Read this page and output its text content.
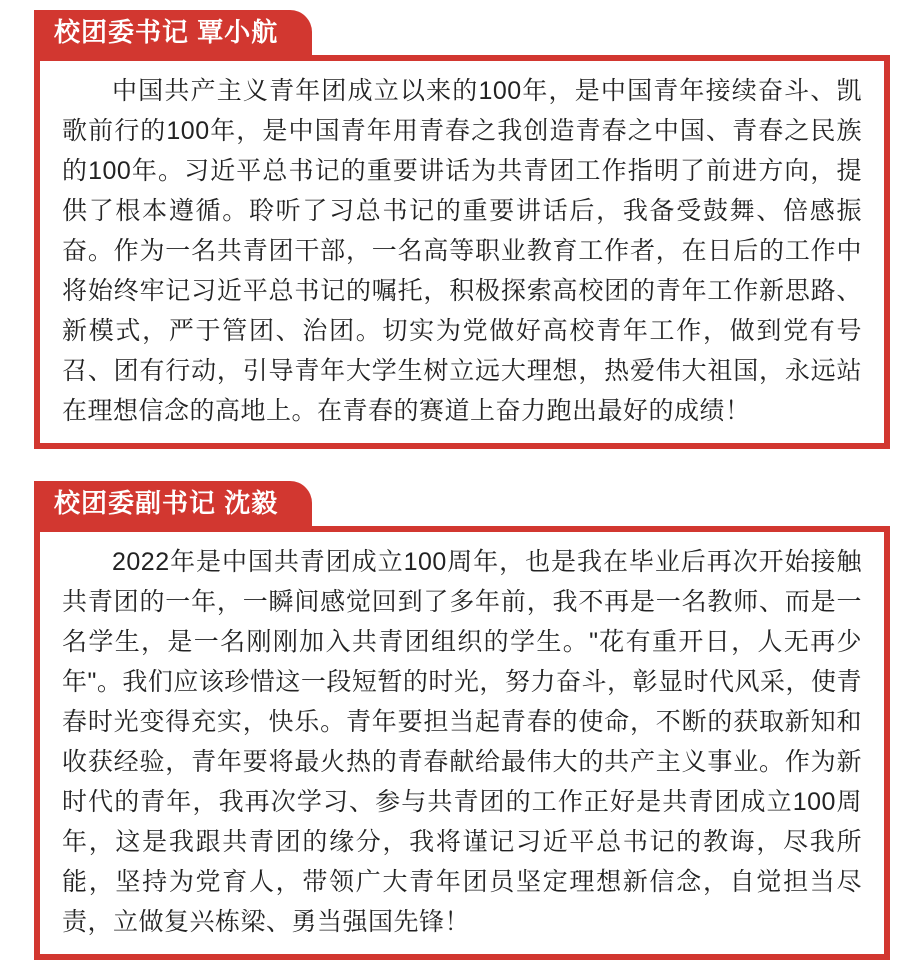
校团委书记 覃小航

中国共产主义青年团成立以来的100年，是中国青年接续奋斗、凯歌前行的100年，是中国青年用青春之我创造青春之中国、青春之民族的100年。习近平总书记的重要讲话为共青团工作指明了前进方向，提供了根本遵循。聆听了习总书记的重要讲话后，我备受鼓舞、倍感振奋。作为一名共青团干部，一名高等职业教育工作者，在日后的工作中将始终牢记习近平总书记的嘱托，积极探索高校团的青年工作新思路、新模式，严于管团、治团。切实为党做好高校青年工作，做到党有号召、团有行动，引导青年大学生树立远大理想，热爱伟大祖国，永远站在理想信念的高地上。在青春的赛道上奋力跑出最好的成绩！

校团委副书记 沈毅

2022年是中国共青团成立100周年，也是我在毕业后再次开始接触共青团的一年，一瞬间感觉回到了多年前，我不再是一名教师、而是一名学生，是一名刚刚加入共青团组织的学生。"花有重开日，人无再少年"。我们应该珍惜这一段短暂的时光，努力奋斗，彰显时代风采，使青春时光变得充实，快乐。青年要担当起青春的使命，不断的获取新知和收获经验，青年要将最火热的青春献给最伟大的共产主义事业。作为新时代的青年，我再次学习、参与共青团的工作正好是共青团成立100周年，这是我跟共青团的缘分，我将谨记习近平总书记的教诲，尽我所能，坚持为党育人，带领广大青年团员坚定理想新信念，自觉担当尽责，立做复兴栋梁、勇当强国先锋！
